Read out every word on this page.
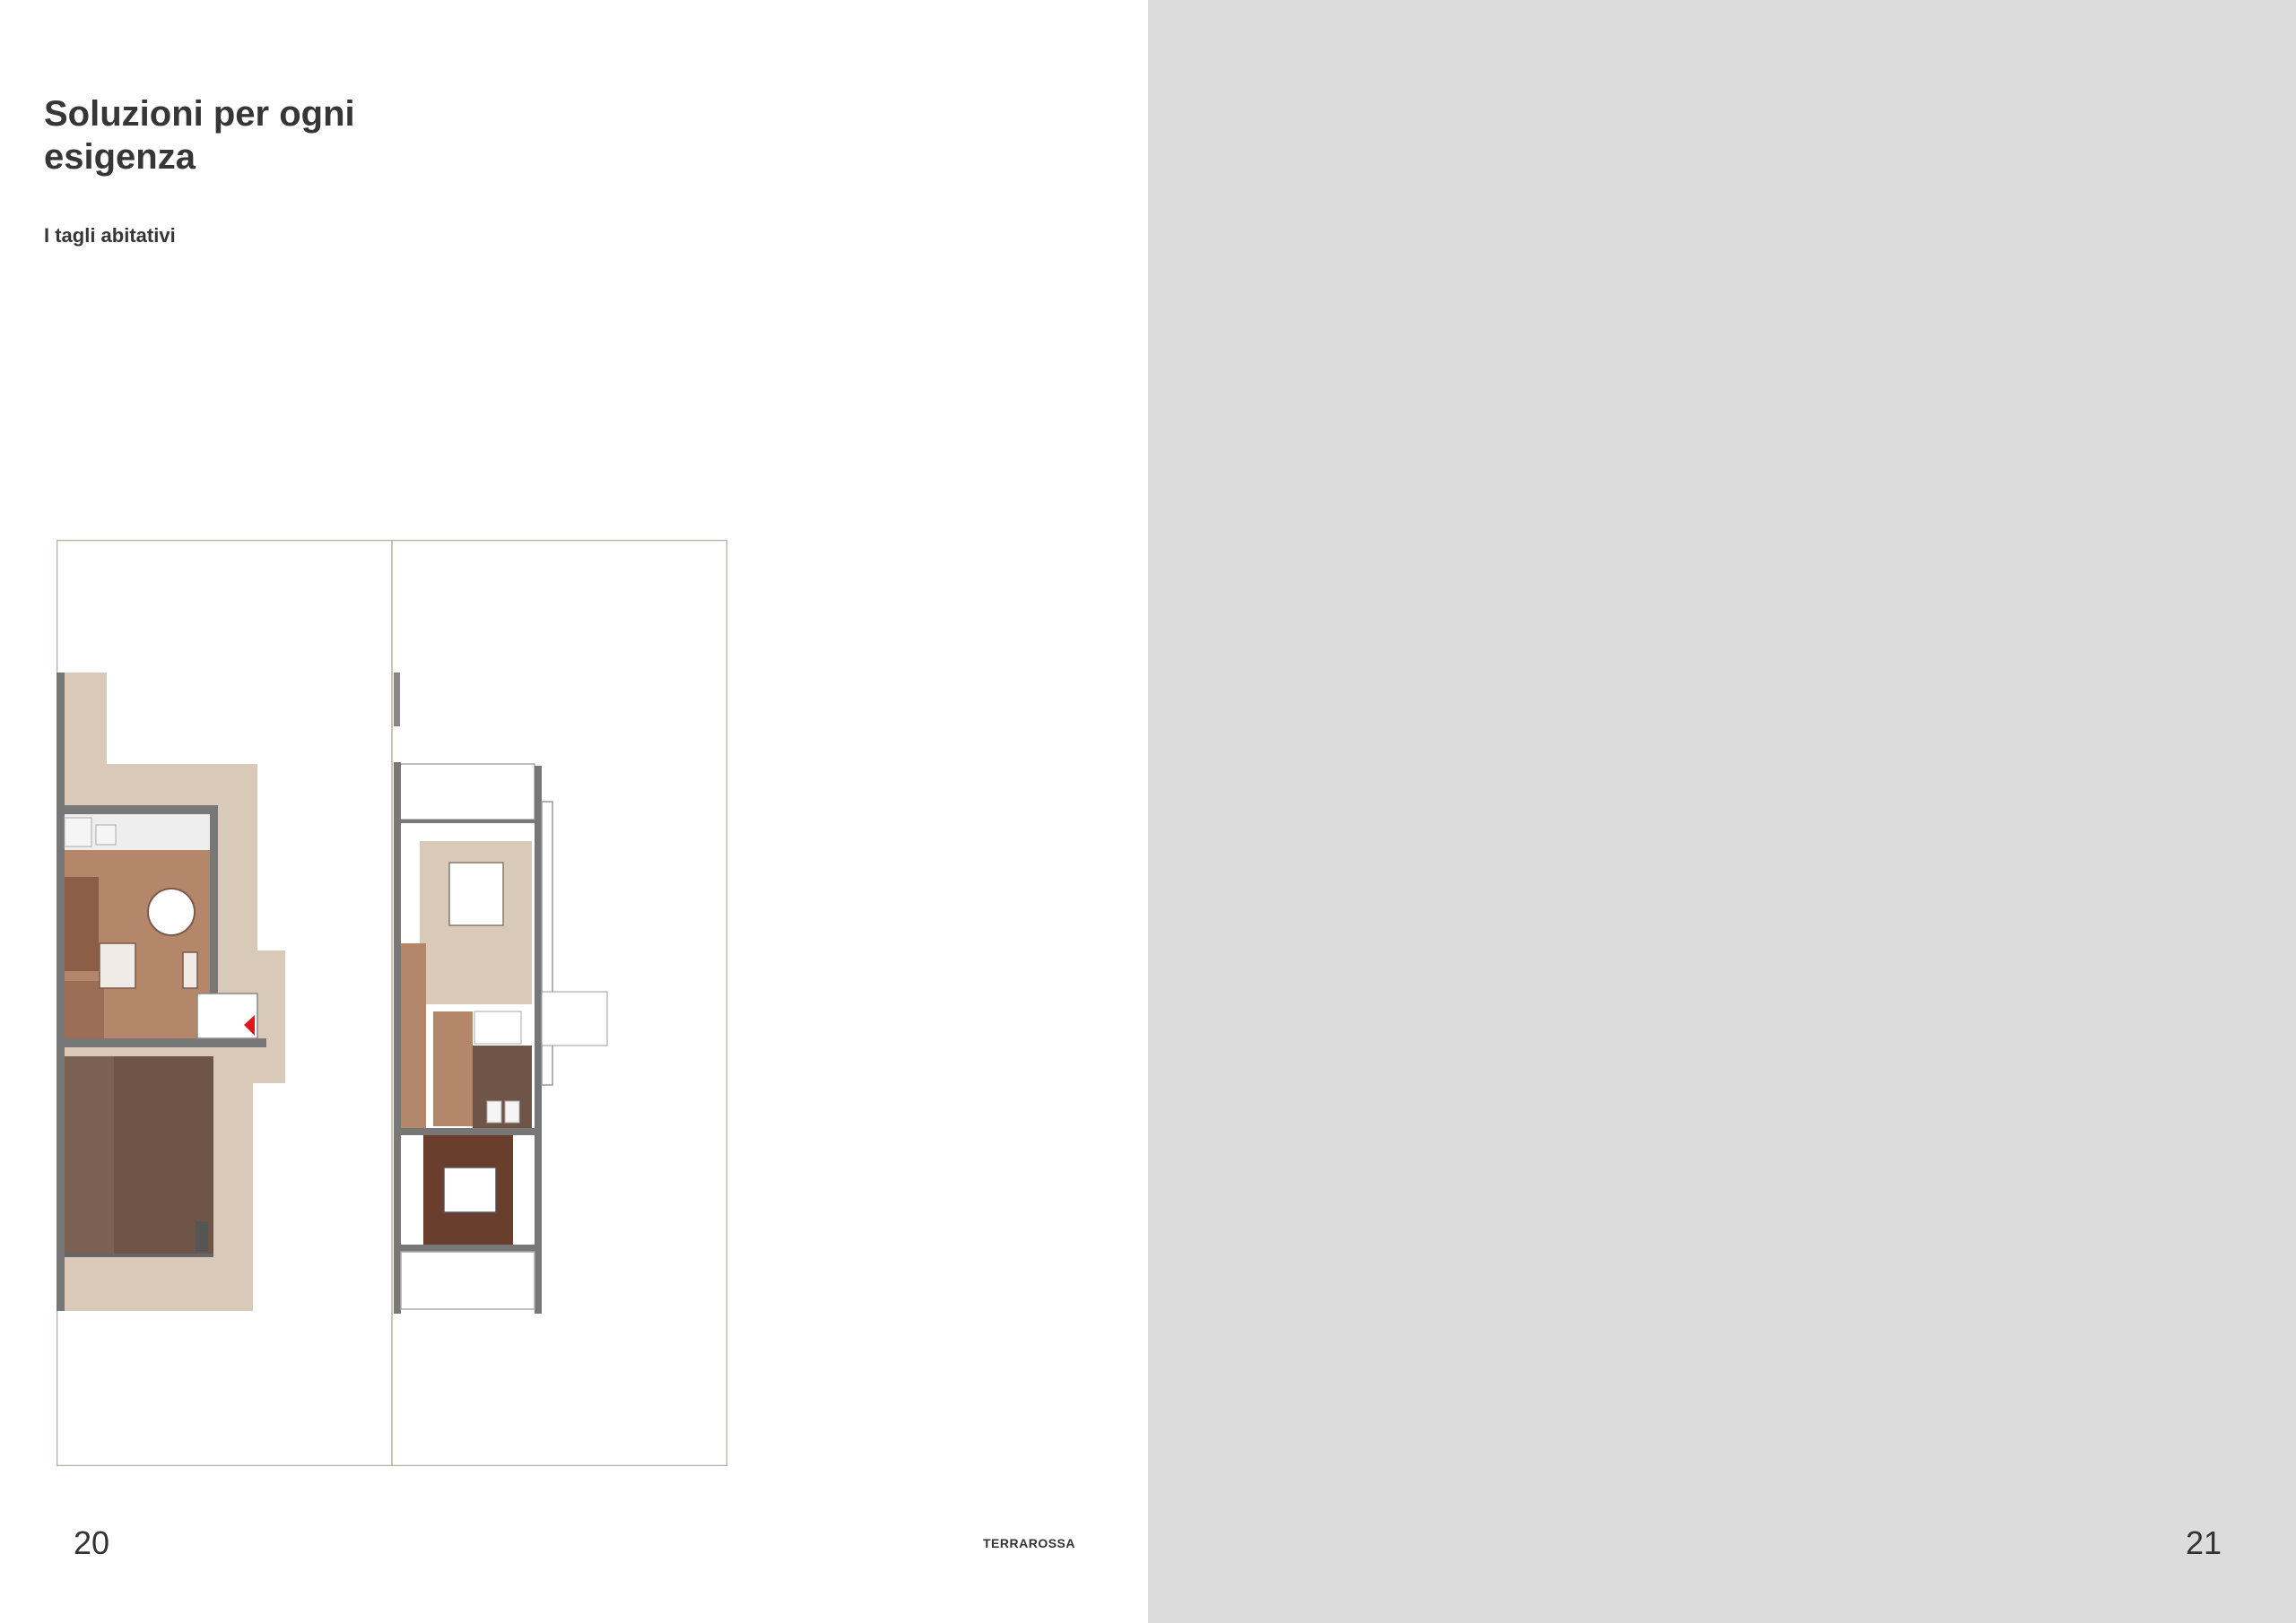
Soluzioni per ogni esigenza
I tagli abitativi
20	TERRAROSSA	21
